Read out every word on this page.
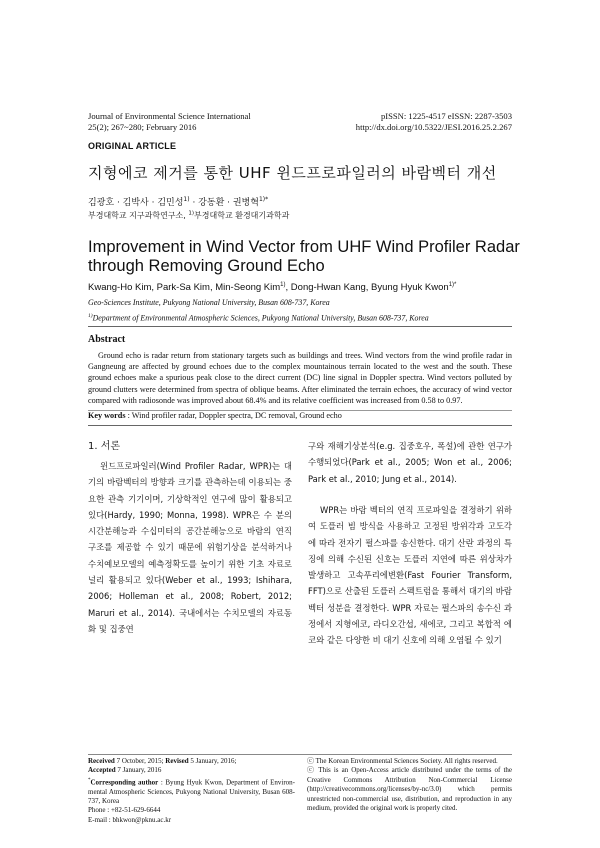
Journal of Environmental Science International
25(2); 267~280; February 2016
pISSN: 1225-4517 eISSN: 2287-3503
http://dx.doi.org/10.5322/JESI.2016.25.2.267
ORIGINAL ARTICLE
지형에코 제거를 통한 UHF 윈드프로파일러의 바람벡터 개선
김광호 · 김박사 · 김민성$^{1)}$ · 강동환 · 권병혁$^{1)*}$
부경대학교 지구과학연구소, $^{1)}$부경대학교 환경대기과학과
Improvement in Wind Vector from UHF Wind Profiler Radar through Removing Ground Echo
Kwang-Ho Kim, Park-Sa Kim, Min-Seong Kim$^{1)}$, Dong-Hwan Kang, Byung Hyuk Kwon$^{1)*}$
Geo-Sciences Institute, Pukyong National University, Busan 608-737, Korea
$^{1)}$Department of Environmental Atmospheric Sciences, Pukyong National University, Busan 608-737, Korea
Abstract

Ground echo is radar return from stationary targets such as buildings and trees. Wind vectors from the wind profile radar in Gangneung are affected by ground echoes due to the complex mountainous terrain located to the west and the south. These ground echoes make a spurious peak close to the direct current (DC) line signal in Doppler spectra. Wind vectors polluted by ground clutters were determined from spectra of oblique beams. After eliminated the terrain echoes, the accuracy of wind vector compared with radiosonde was improved about 68.4% and its relative coefficient was increased from 0.58 to 0.97.

Key words : Wind profiler radar, Doppler spectra, DC removal, Ground echo
1. 서론

윈드프로파일러(Wind Profiler Radar, WPR)는 대기의 바람벡터의 방향과 크기를 관측하는데 이용되는 중요한 관측 기기이며, 기상학적인 연구에 많이 활용되고 있다(Hardy, 1990; Monna, 1998). WPR은 수 분의 시간분해능과 수십미터의 공간분해능으로 바람의 연직구조를 제공할 수 있기 때문에 위험기상을 분석하거나 수치예보모델의 예측정확도를 높이기 위한 기초 자료로 널리 활용되고 있다(Weber et al., 1993; Ishihara, 2006; Holleman et al., 2008; Robert, 2012; Maruri et al., 2014). 국내에서는 수치모델의 자료동화 및 집중연

구와 재해기상분석(e.g. 집중호우, 폭설)에 관한 연구가 수행되었다(Park et al., 2005; Won et al., 2006; Park et al., 2010; Jung et al., 2014).

WPR는 바람 벡터의 연직 프로파일을 결정하기 위하여 도플러 빔 방식을 사용하고 고정된 방위각과 고도각에 따라 전자기 펄스파를 송신한다. 대기 산란 과정의 특징에 의해 수신된 신호는 도플러 지연에 따른 위상차가 발생하고 고속푸리에변환(Fast Fourier Transform, FFT)으로 산출된 도플러 스펙트럼을 통해서 대기의 바람벡터 성분을 결정한다. WPR 자료는 펄스파의 송수신 과정에서 지형에코, 라디오간섭, 새에코, 그리고 복합적 에코와 같은 다양한 비 대기 신호에 의해 오염될 수 있기

Received 7 October, 2015; Revised 5 January, 2016;
Accepted 7 January, 2016
*Corresponding author : Byung Hyuk Kwon, Department of Environ-mental Atmospheric Sciences, Pukyong National University, Busan 608-737, Korea
Phone : +82-51-629-6644
E-mail : bhkwon@pknu.ac.kr
ⓒ The Korean Environmental Sciences Society. All rights reserved.
ⓒ This is an Open-Access article distributed under the terms of the Creative Commons Attribution Non-Commercial License (http://creativecommons.org/licenses/by-nc/3.0) which permits unrestricted non-commercial use, distribution, and reproduction in any medium, provided the original work is properly cited.
